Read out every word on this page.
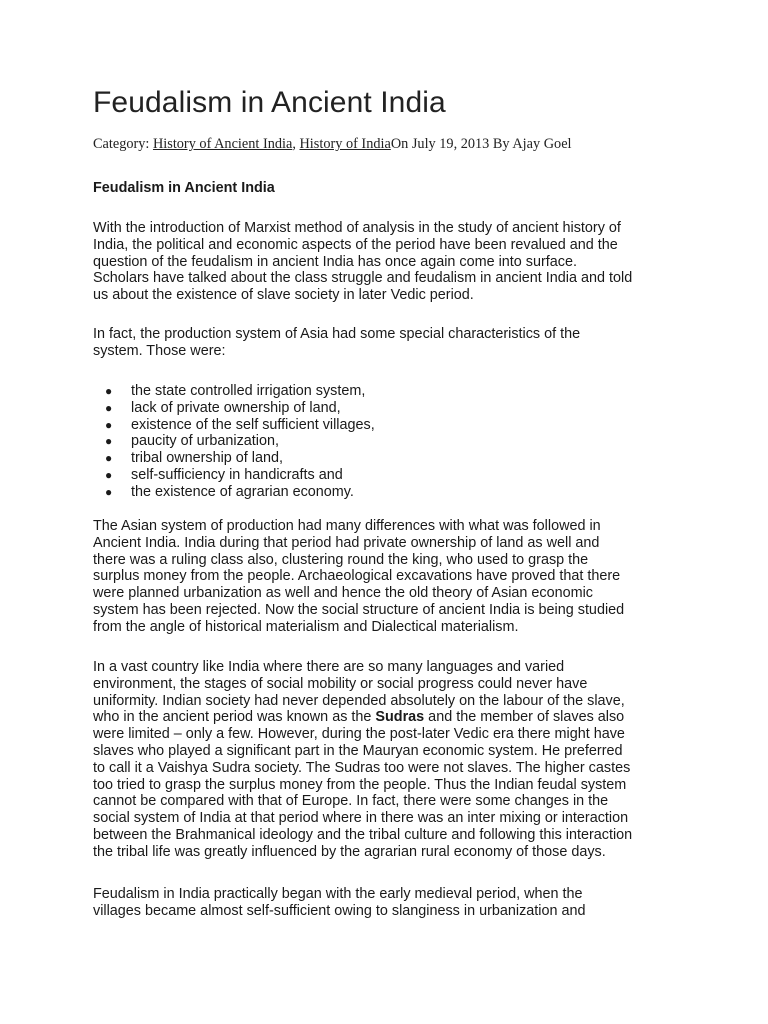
Feudalism in Ancient India

Category: History of Ancient India, History of IndiaOn July 19, 2013 By Ajay Goel

Feudalism in Ancient India

With the introduction of Marxist method of analysis in the study of ancient history of
India, the political and economic aspects of the period have been revalued and the
question of the feudalism in ancient India has once again come into surface.
Scholars have talked about the class struggle and feudalism in ancient India and told
us about the existence of slave society in later Vedic period.

In fact, the production system of Asia had some special characteristics of the
system. Those were:

● the state controlled irrigation system,
● lack of private ownership of land,
● existence of the self sufficient villages,
● paucity of urbanization,
● tribal ownership of land,
● self-sufficiency in handicrafts and
● the existence of agrarian economy.

The Asian system of production had many differences with what was followed in
Ancient India. India during that period had private ownership of land as well and
there was a ruling class also, clustering round the king, who used to grasp the
surplus money from the people. Archaeological excavations have proved that there
were planned urbanization as well and hence the old theory of Asian economic
system has been rejected. Now the social structure of ancient India is being studied
from the angle of historical materialism and Dialectical materialism.

In a vast country like India where there are so many languages and varied
environment, the stages of social mobility or social progress could never have
uniformity. Indian society had never depended absolutely on the labour of the slave,
who in the ancient period was known as the Sudras and the member of slaves also
were limited – only a few. However, during the post-later Vedic era there might have
slaves who played a significant part in the Mauryan economic system. He preferred
to call it a Vaishya Sudra society. The Sudras too were not slaves. The higher castes
too tried to grasp the surplus money from the people. Thus the Indian feudal system
cannot be compared with that of Europe. In fact, there were some changes in the
social system of India at that period where in there was an inter mixing or interaction
between the Brahmanical ideology and the tribal culture and following this interaction
the tribal life was greatly influenced by the agrarian rural economy of those days.

Feudalism in India practically began with the early medieval period, when the
villages became almost self-sufficient owing to slanginess in urbanization and
